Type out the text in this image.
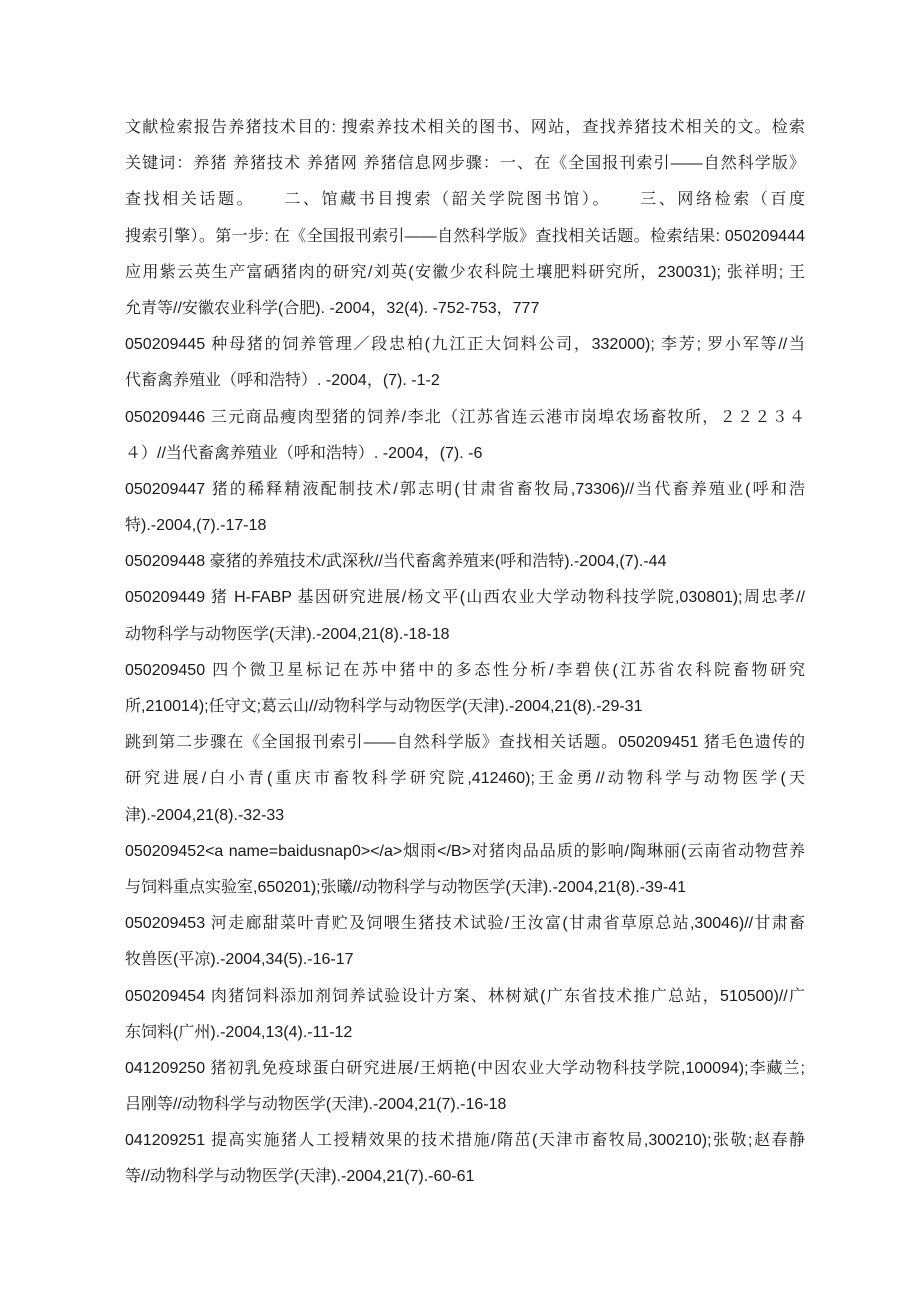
文献检索报告养猪技术目的: 搜索养技术相关的图书、网站，查找养猪技术相关的文。检索
关键词：养猪 养猪技术 养猪网 养猪信息网步骤：一、在《全国报刊索引——自然科学版》
查找相关话题。　　二、馆藏书目搜索（韶关学院图书馆）。　　三、网络检索（百度
搜索引擎）。第一步: 在《全国报刊索引——自然科学版》查找相关话题。检索结果: 050209444
应用紫云英生产富硒猪肉的研究/刘英(安徽少农科院土壤肥料研究所，230031); 张祥明; 王
允青等//安徽农业科学(合肥). -2004，32(4). -752-753，777
050209445 种母猪的饲养管理／段忠柏(九江正大饲料公司，332000); 李芳; 罗小军等//当
代畜禽养殖业（呼和浩特）. -2004，(7). -1-2
050209446 三元商品瘦肉型猪的饲养/李北（江苏省连云港市岗埠农场畜牧所，２２２３４
４）//当代畜禽养殖业（呼和浩特）. -2004，(7). -6
050209447 猪的稀释精液配制技术/郭志明(甘肃省畜牧局,73306)//当代畜养殖业(呼和浩
特).-2004,(7).-17-18
050209448 豪猪的养殖技术/武深秋//当代畜禽养殖来(呼和浩特).-2004,(7).-44
050209449 猪 H-FABP 基因研究进展/杨文平(山西农业大学动物科技学院,030801);周忠孝//
动物科学与动物医学(天津).-2004,21(8).-18-18
050209450 四个微卫星标记在苏中猪中的多态性分析/李碧侠(江苏省农科院畜物研究
所,210014);任守文;葛云山//动物科学与动物医学(天津).-2004,21(8).-29-31
跳到第二步骤在《全国报刊索引——自然科学版》查找相关话题。050209451 猪毛色遗传的
研究进展/白小青(重庆市畜牧科学研究院,412460);王金勇//动物科学与动物医学(天
津).-2004,21(8).-32-33
050209452<a name=baidusnap0></a>烟雨</B>对猪肉品品质的影响/陶琳丽(云南省动物营养
与饲料重点实验室,650201);张曦//动物科学与动物医学(天津).-2004,21(8).-39-41
050209453 河走廊甜菜叶青贮及饲喂生猪技术试验/王汝富(甘肃省草原总站,30046)//甘肃畜
牧兽医(平凉).-2004,34(5).-16-17
050209454 肉猪饲料添加剂饲养试验设计方案、林树斌(广东省技术推广总站，510500)//广
东饲料(广州).-2004,13(4).-11-12
041209250 猪初乳免疫球蛋白研究进展/王炳艳(中因农业大学动物科技学院,100094);李藏兰;
吕刚等//动物科学与动物医学(天津).-2004,21(7).-16-18
041209251 提高实施猪人工授精效果的技术措施/隋茁(天津市畜牧局,300210);张敬;赵春静
等//动物科学与动物医学(天津).-2004,21(7).-60-61
